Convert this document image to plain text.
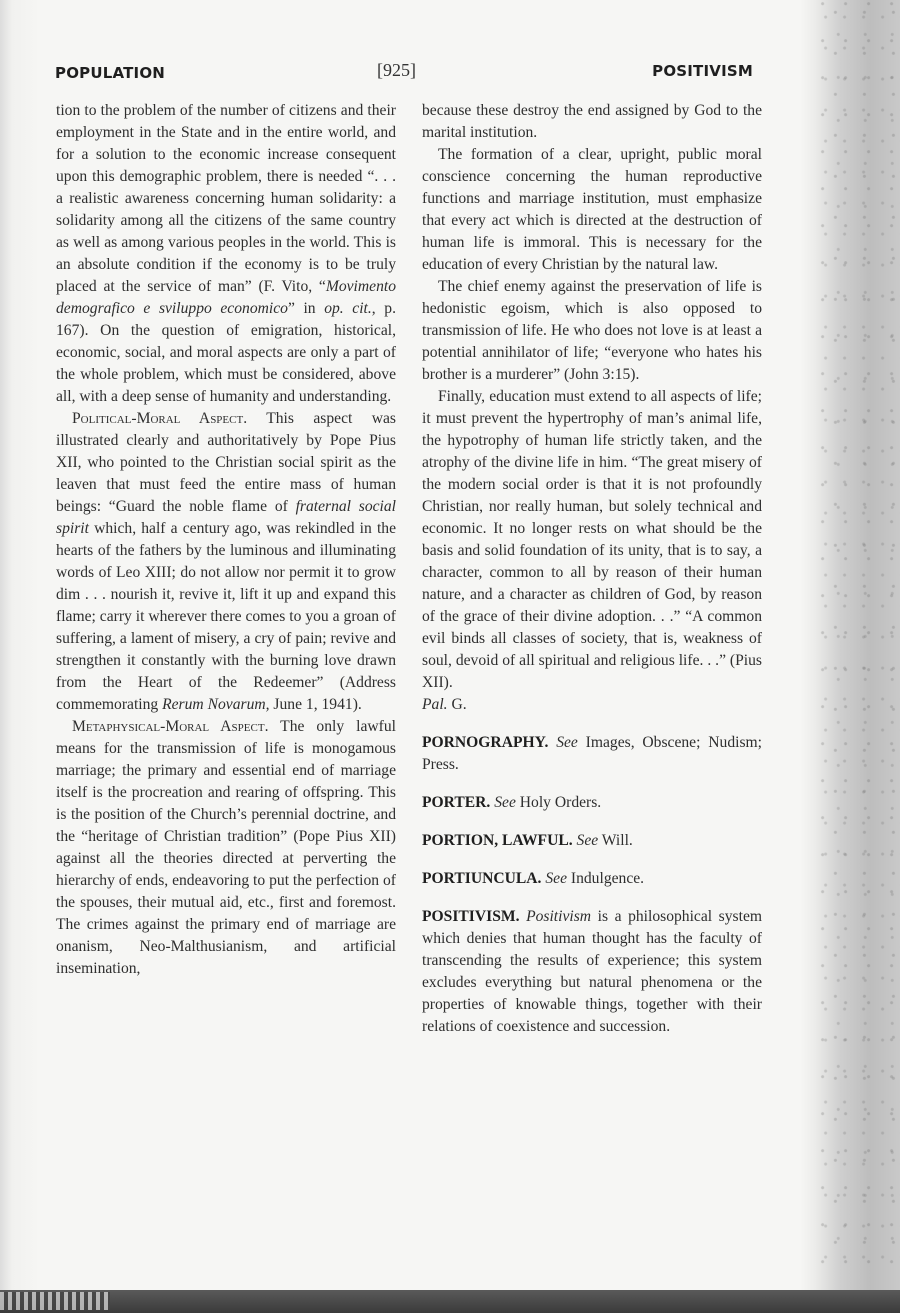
POPULATION	[925]	POSITIVISM

tion to the problem of the number of citizens and their employment in the State and in the entire world, and for a solution to the economic increase consequent upon this demographic problem, there is needed “. . . a realistic awareness concerning human solidarity: a solidarity among all the citizens of the same country as well as among various peoples in the world. This is an absolute condition if the economy is to be truly placed at the service of man” (F. Vito, “Movimento demografico e sviluppo economico” in op. cit., p. 167). On the question of emigration, historical, economic, social, and moral aspects are only a part of the whole problem, which must be considered, above all, with a deep sense of humanity and understanding.

Political-Moral Aspect. This aspect was illustrated clearly and authoritatively by Pope Pius XII, who pointed to the Christian social spirit as the leaven that must feed the entire mass of human beings: “Guard the noble flame of fraternal social spirit which, half a century ago, was rekindled in the hearts of the fathers by the luminous and illuminating words of Leo XIII; do not allow nor permit it to grow dim . . . nourish it, revive it, lift it up and expand this flame; carry it wherever there comes to you a groan of suffering, a lament of misery, a cry of pain; revive and strengthen it constantly with the burning love drawn from the Heart of the Redeemer” (Address commemorating Rerum Novarum, June 1, 1941).

Metaphysical-Moral Aspect. The only lawful means for the transmission of life is monogamous marriage; the primary and essential end of marriage itself is the procreation and rearing of offspring. This is the position of the Church’s perennial doctrine, and the “heritage of Christian tradition” (Pope Pius XII) against all the theories directed at perverting the hierarchy of ends, endeavoring to put the perfection of the spouses, their mutual aid, etc., first and foremost. The crimes against the primary end of marriage are onanism, Neo-Malthusianism, and artificial insemination,

because these destroy the end assigned by God to the marital institution.

The formation of a clear, upright, public moral conscience concerning the human reproductive functions and marriage institution, must emphasize that every act which is directed at the destruction of human life is immoral. This is necessary for the education of every Christian by the natural law.

The chief enemy against the preservation of life is hedonistic egoism, which is also opposed to transmission of life. He who does not love is at least a potential annihilator of life; “everyone who hates his brother is a murderer” (John 3:15).

Finally, education must extend to all aspects of life; it must prevent the hypertrophy of man’s animal life, the hypotrophy of human life strictly taken, and the atrophy of the divine life in him. “The great misery of the modern social order is that it is not profoundly Christian, nor really human, but solely technical and economic. It no longer rests on what should be the basis and solid foundation of its unity, that is to say, a character, common to all by reason of their human nature, and a character as children of God, by reason of the grace of their divine adoption. . .” “A common evil binds all classes of society, that is, weakness of soul, devoid of all spiritual and religious life. . .” (Pius XII).

Pal. G.

PORNOGRAPHY. See Images, Obscene; Nudism; Press.

PORTER. See Holy Orders.

PORTION, LAWFUL. See Will.

PORTIUNCULA. See Indulgence.

POSITIVISM. Positivism is a philosophical system which denies that human thought has the faculty of transcending the results of experience; this system excludes everything but natural phenomena or the properties of knowable things, together with their relations of coexistence and succession.
